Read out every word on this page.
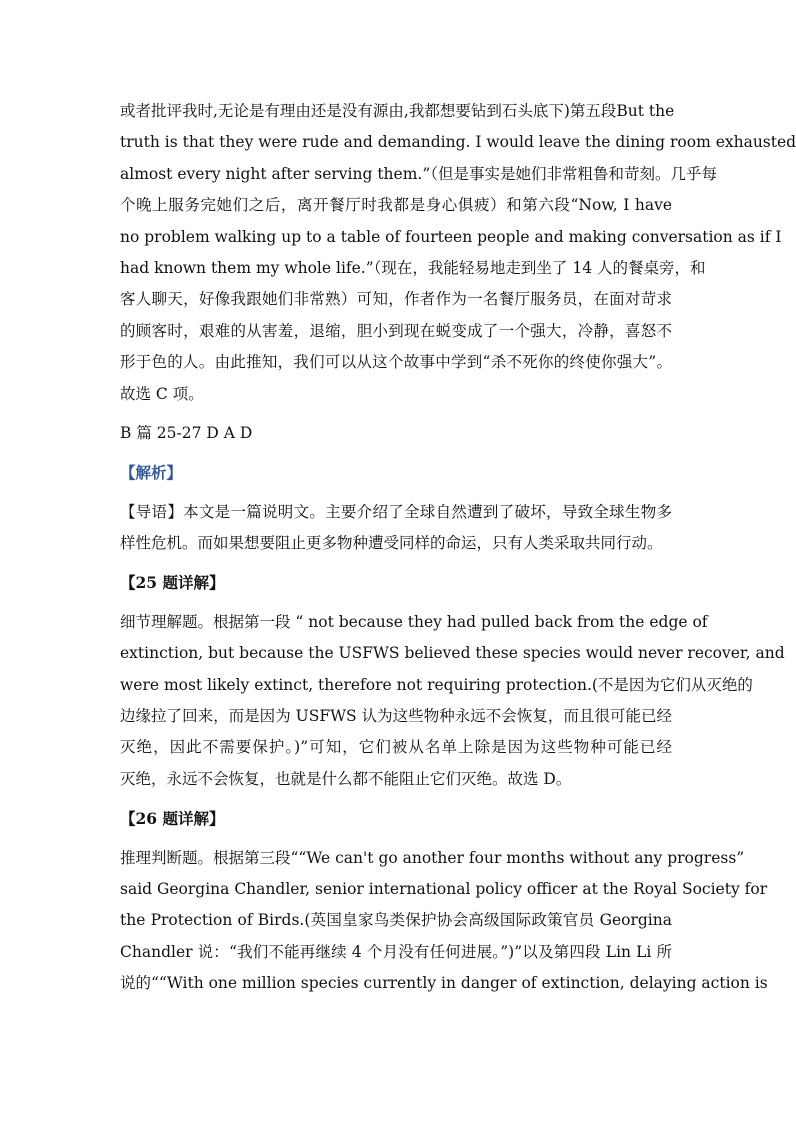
或者批评我时,无论是有理由还是没有源由,我都想要钻到石头底下)第五段But the
truth is that they were rude and demanding. I would leave the dining room exhausted
almost every night after serving them.”（但是事实是她们非常粗鲁和苛刻。几乎每
个晚上服务完她们之后，离开餐厅时我都是身心俱疲）和第六段“Now, I have
no problem walking up to a table of fourteen people and making conversation as if I
had known them my whole life.”（现在，我能轻易地走到坐了 14 人的餐桌旁，和
客人聊天，好像我跟她们非常熟）可知，作者作为一名餐厅服务员，在面对苛求
的顾客时，艰难的从害羞，退缩，胆小到现在蜕变成了一个强大，冷静，喜怒不
形于色的人。由此推知，我们可以从这个故事中学到“杀不死你的终使你强大”。
故选 C 项。
B 篇 25-27 D A D
【解析】
【导语】本文是一篇说明文。主要介绍了全球自然遭到了破坏，导致全球生物多
样性危机。而如果想要阻止更多物种遭受同样的命运，只有人类采取共同行动。
【25 题详解】
细节理解题。根据第一段 “ not because they had pulled back from the edge of
extinction, but because the USFWS believed these species would never recover, and
were most likely extinct, therefore not requiring protection.(不是因为它们从灭绝的
边缘拉了回来，而是因为 USFWS 认为这些物种永远不会恢复，而且很可能已经
灭绝，因此不需要保护。)”可知，它们被从名单上除是因为这些物种可能已经
灭绝，永远不会恢复，也就是什么都不能阻止它们灭绝。故选 D。
【26 题详解】
推理判断题。根据第三段““We can't go another four months without any progress”
said Georgina Chandler, senior international policy officer at the Royal Society for
the Protection of Birds.(英国皇家鸟类保护协会高级国际政策官员 Georgina
Chandler 说：“我们不能再继续 4 个月没有任何进展。”)”以及第四段 Lin Li 所
说的““With one million species currently in danger of extinction, delaying action is
